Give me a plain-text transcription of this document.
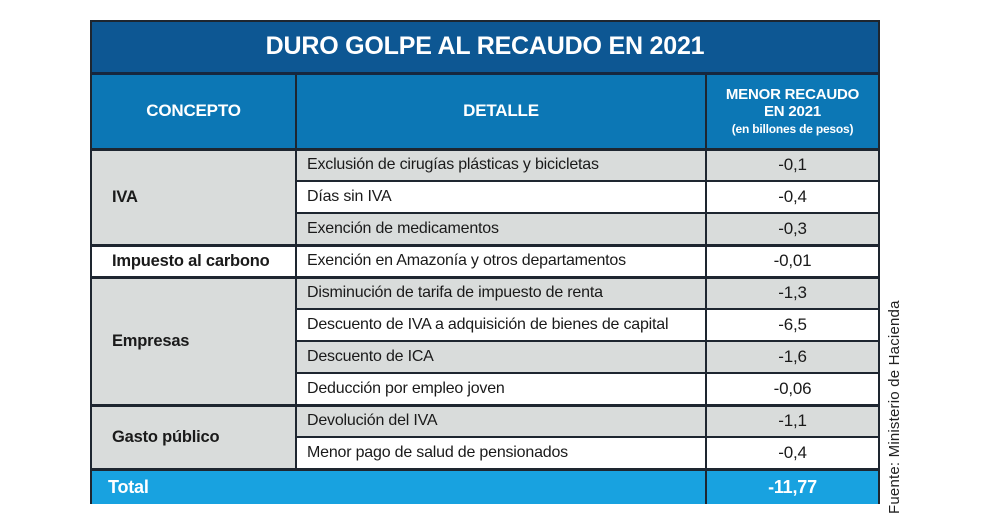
DURO GOLPE AL RECAUDO EN 2021
CONCEPTO	DETALLE	MENOR RECAUDO EN 2021
(en billones de pesos)

IVA	Exclusión de cirugías plásticas y bicicletas	-0,1
	Días sin IVA	-0,4
	Exención de medicamentos	-0,3
Impuesto al carbono	Exención en Amazonía y otros departamentos	-0,01
Empresas	Disminución de tarifa de impuesto de renta	-1,3
	Descuento de IVA a adquisición de bienes de capital	-6,5
	Descuento de ICA	-1,6
	Deducción por empleo joven	-0,06
Gasto público	Devolución del IVA	-1,1
	Menor pago de salud de pensionados	-0,4
Total		-11,77	Fuente: Ministerio de Hacienda
